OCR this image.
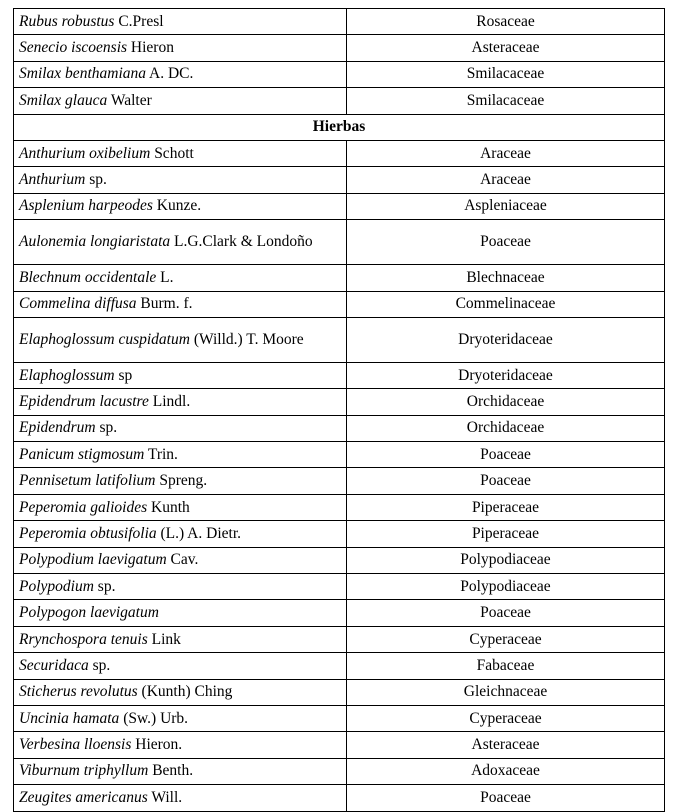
Rubus robustus C.Presl	Rosaceae
Senecio iscoensis Hieron	Asteraceae
Smilax benthamiana A. DC.	Smilacaceae
Smilax glauca Walter	Smilacaceae
Hierbas	
Anthurium oxibelium Schott	Araceae
Anthurium sp.	Araceae
Asplenium harpeodes Kunze.	Aspleniaceae
Aulonemia longiaristata L.G.Clark & Londoño	Poaceae
Blechnum occidentale L.	Blechnaceae
Commelina diffusa Burm. f.	Commelinaceae
Elaphoglossum cuspidatum (Willd.) T. Moore	Dryoteridaceae
Elaphoglossum sp	Dryoteridaceae
Epidendrum lacustre Lindl.	Orchidaceae
Epidendrum sp.	Orchidaceae
Panicum stigmosum Trin.	Poaceae
Pennisetum latifolium Spreng.	Poaceae
Peperomia galioides Kunth	Piperaceae
Peperomia obtusifolia (L.) A. Dietr.	Piperaceae
Polypodium laevigatum Cav.	Polypodiaceae
Polypodium sp.	Polypodiaceae
Polypogon laevigatum	Poaceae
Rrynchospora tenuis Link	Cyperaceae
Securidaca sp.	Fabaceae
Sticherus revolutus (Kunth) Ching	Gleichnaceae
Uncinia hamata (Sw.) Urb.	Cyperaceae
Verbesina lloensis Hieron.	Asteraceae
Viburnum triphyllum Benth.	Adoxaceae
Zeugites americanus Will.	Poaceae
